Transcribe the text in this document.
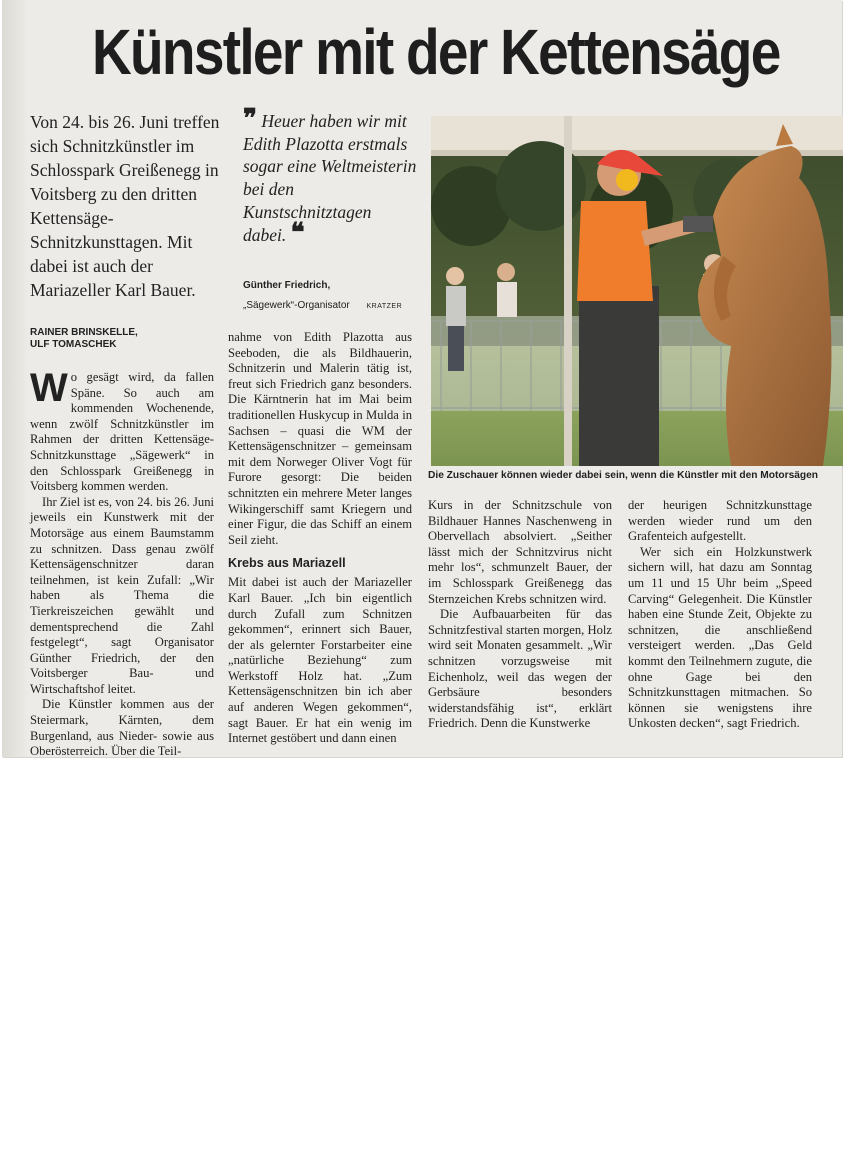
Künstler mit der Kettensäge
Von 24. bis 26. Juni treffen sich Schnitzkünstler im Schlosspark Greißenegg in Voitsberg zu den dritten Kettensäge-Schnitzkunsttagen. Mit dabei ist auch der Mariazeller Karl Bauer.
RAINER BRINSKELLE,
ULF TOMASCHEK
❞ Heuer haben wir mit Edith Plazotta erstmals sogar eine Weltmeisterin bei den Kunstschnitztagen dabei. ❝
Günther Friedrich,
„Sägewerk“-Organisator KRATZER
Die Zuschauer können wieder dabei sein, wenn die Künstler mit den Motorsägen

Wo gesägt wird, da fallen Späne. So auch am kommenden Wochenende, wenn zwölf Schnitzkünstler im Rahmen der dritten Kettensäge-Schnitzkunsttage „Sägewerk“ in den Schlosspark Greißenegg in Voitsberg kommen werden.

Ihr Ziel ist es, von 24. bis 26. Juni jeweils ein Kunstwerk mit der Motorsäge aus einem Baumstamm zu schnitzen. Dass genau zwölf Kettensägenschnitzer daran teilnehmen, ist kein Zufall: „Wir haben als Thema die Tierkreiszeichen gewählt und dementsprechend die Zahl festgelegt“, sagt Organisator Günther Friedrich, der den Voitsberger Bau- und Wirtschaftshof leitet.

Die Künstler kommen aus der Steiermark, Kärnten, dem Burgenland, aus Nieder- sowie aus Oberösterreich. Über die Teil-

nahme von Edith Plazotta aus Seeboden, die als Bildhauerin, Schnitzerin und Malerin tätig ist, freut sich Friedrich ganz besonders. Die Kärntnerin hat im Mai beim traditionellen Huskycup in Mulda in Sachsen – quasi die WM der Kettensägenschnitzer – gemeinsam mit dem Norweger Oliver Vogt für Furore gesorgt: Die beiden schnitzten ein mehrere Meter langes Wikingerschiff samt Kriegern und einer Figur, die das Schiff an einem Seil zieht.

Krebs aus Mariazell

Mit dabei ist auch der Mariazeller Karl Bauer. „Ich bin eigentlich durch Zufall zum Schnitzen gekommen“, erinnert sich Bauer, der als gelernter Forstarbeiter eine „natürliche Beziehung“ zum Werkstoff Holz hat. „Zum Kettensägenschnitzen bin ich aber auf anderen Wegen gekommen“, sagt Bauer. Er hat ein wenig im Internet gestöbert und dann einen

Kurs in der Schnitzschule von Bildhauer Hannes Naschenweng in Obervellach absolviert. „Seither lässt mich der Schnitzvirus nicht mehr los“, schmunzelt Bauer, der im Schlosspark Greißenegg das Sternzeichen Krebs schnitzen wird.

Die Aufbauarbeiten für das Schnitzfestival starten morgen, Holz wird seit Monaten gesammelt. „Wir schnitzen vorzugsweise mit Eichenholz, weil das wegen der Gerbsäure besonders widerstandsfähig ist“, erklärt Friedrich. Denn die Kunstwerke

der heurigen Schnitzkunsttage werden wieder rund um den Grafenteich aufgestellt.

Wer sich ein Holzkunstwerk sichern will, hat dazu am Sonntag um 11 und 15 Uhr beim „Speed Carving“ Gelegenheit. Die Künstler haben eine Stunde Zeit, Objekte zu schnitzen, die anschließend versteigert werden. „Das Geld kommt den Teilnehmern zugute, die ohne Gage bei den Schnitzkunsttagen mitmachen. So können sie wenigstens ihre Unkosten decken“, sagt Friedrich.
